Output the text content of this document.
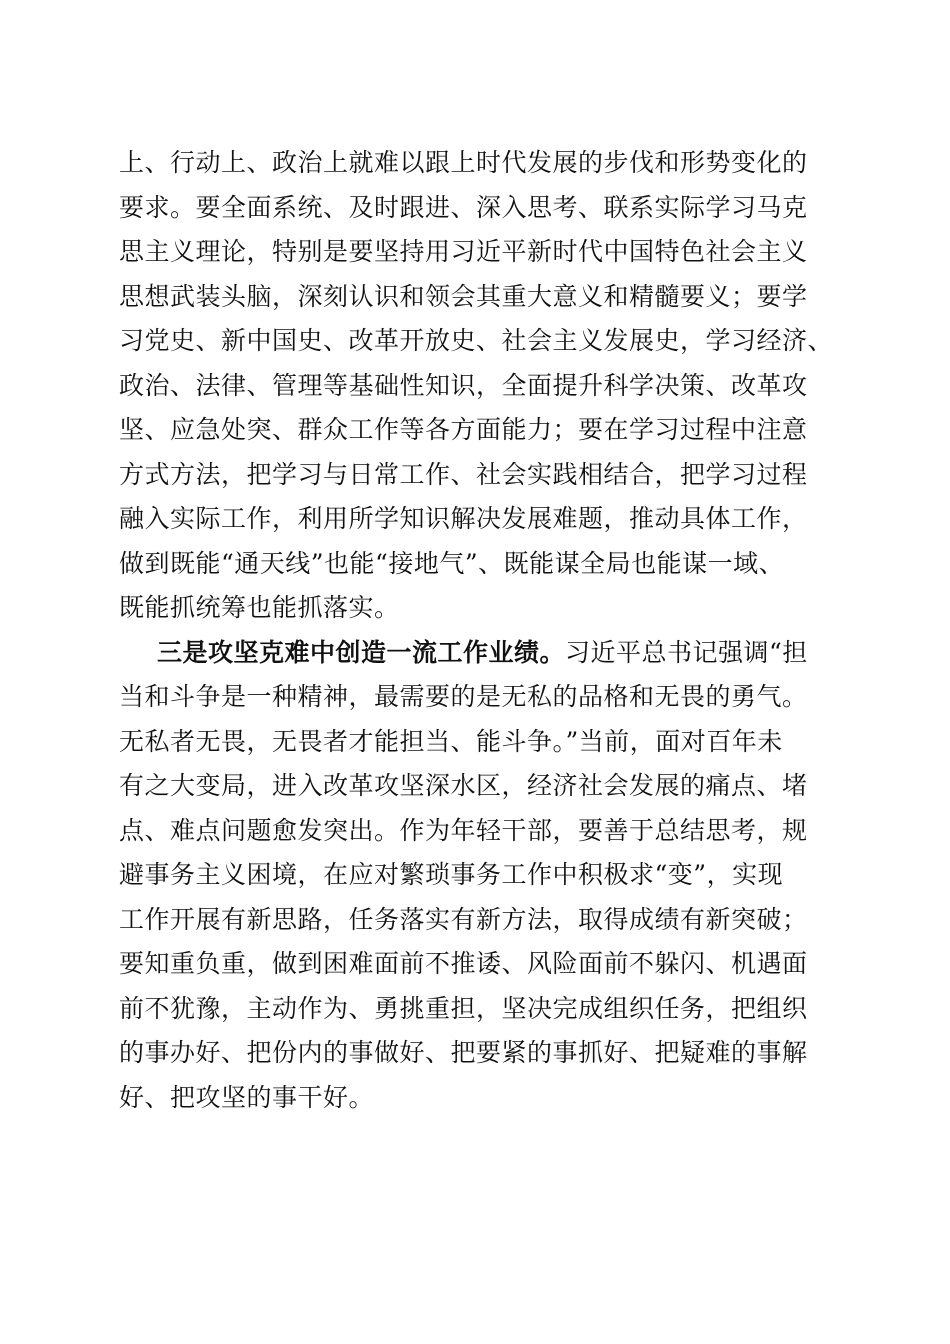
上、行动上、政治上就难以跟上时代发展的步伐和形势变化的
要求。要全面系统、及时跟进、深入思考、联系实际学习马克
思主义理论，特别是要坚持用习近平新时代中国特色社会主义
思想武装头脑，深刻认识和领会其重大意义和精髓要义；要学
习党史、新中国史、改革开放史、社会主义发展史，学习经济、
政治、法律、管理等基础性知识，全面提升科学决策、改革攻
坚、应急处突、群众工作等各方面能力；要在学习过程中注意
方式方法，把学习与日常工作、社会实践相结合，把学习过程
融入实际工作，利用所学知识解决发展难题，推动具体工作，
做到既能“通天线”也能“接地气”、既能谋全局也能谋一域、
既能抓统筹也能抓落实。
三是攻坚克难中创造一流工作业绩。习近平总书记强调“担
当和斗争是一种精神，最需要的是无私的品格和无畏的勇气。
无私者无畏，无畏者才能担当、能斗争。”当前，面对百年未
有之大变局，进入改革攻坚深水区，经济社会发展的痛点、堵
点、难点问题愈发突出。作为年轻干部，要善于总结思考，规
避事务主义困境，在应对繁琐事务工作中积极求“变”，实现
工作开展有新思路，任务落实有新方法，取得成绩有新突破；
要知重负重，做到困难面前不推诿、风险面前不躲闪、机遇面
前不犹豫，主动作为、勇挑重担，坚决完成组织任务，把组织
的事办好、把份内的事做好、把要紧的事抓好、把疑难的事解
好、把攻坚的事干好。
